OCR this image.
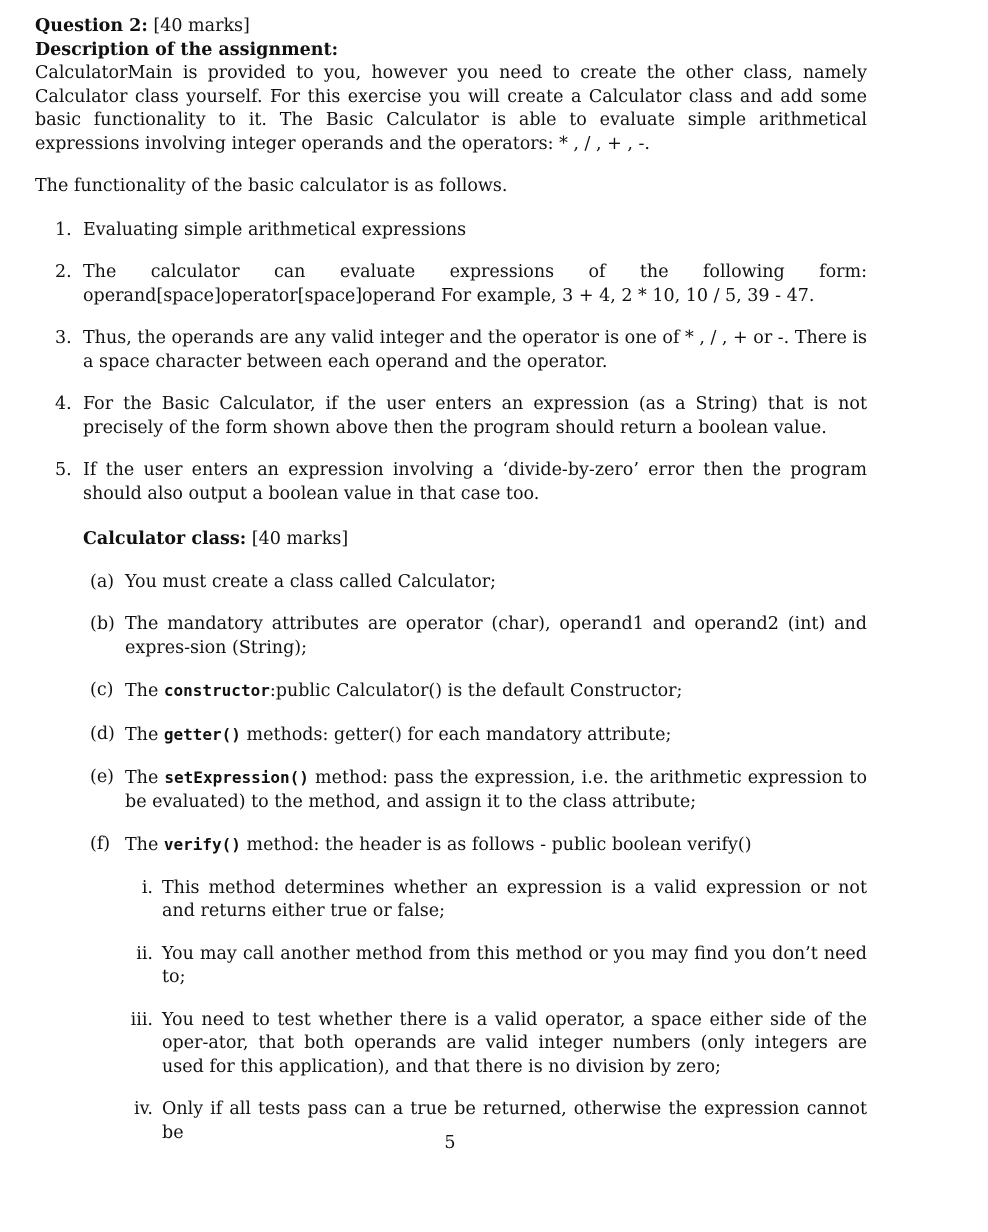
Question 2: [40 marks]

Description of the assignment:

CalculatorMain is provided to you, however you need to create the other class, namely Calculator class yourself. For this exercise you will create a Calculator class and add some basic functionality to it. The Basic Calculator is able to evaluate simple arithmetical expressions involving integer operands and the operators: * , / , + , -.

The functionality of the basic calculator is as follows.

1. Evaluating simple arithmetical expressions
2. The calculator can evaluate expressions of the following form: operand[space]operator[space]operand For example, 3 + 4, 2 * 10, 10 / 5, 39 - 47.
3. Thus, the operands are any valid integer and the operator is one of * , / , + or -. There is a space character between each operand and the operator.
4. For the Basic Calculator, if the user enters an expression (as a String) that is not precisely of the form shown above then the program should return a boolean value.
5. If the user enters an expression involving a ‘divide-by-zero’ error then the program should also output a boolean value in that case too.

Calculator class: [40 marks]

(a) You must create a class called Calculator;
(b) The mandatory attributes are operator (char), operand1 and operand2 (int) and expres-sion (String);
(c) The constructor:public Calculator() is the default Constructor;
(d) The getter() methods: getter() for each mandatory attribute;
(e) The setExpression() method: pass the expression, i.e. the arithmetic expression to be evaluated) to the method, and assign it to the class attribute;
(f) The verify() method: the header is as follows - public boolean verify()
i. This method determines whether an expression is a valid expression or not and returns either true or false;
ii. You may call another method from this method or you may find you don’t need to;
iii. You need to test whether there is a valid operator, a space either side of the oper-ator, that both operands are valid integer numbers (only integers are used for this application), and that there is no division by zero;
iv. Only if all tests pass can a true be returned, otherwise the expression cannot be
5
